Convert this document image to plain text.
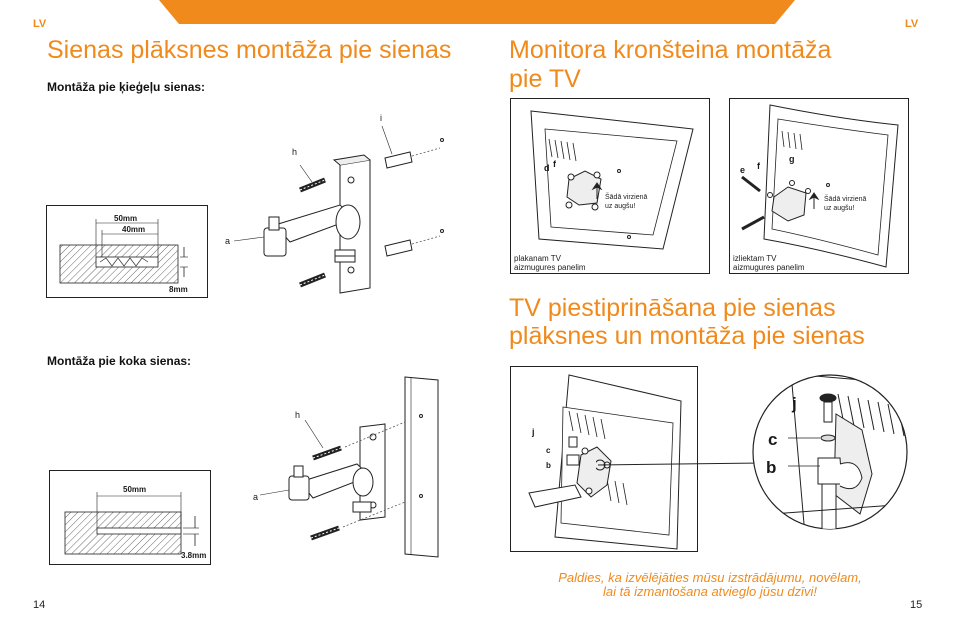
LV	LV
Sienas plāksnes montāža pie sienas
Montāža pie ķieģeļu sienas:
50mm
40mm
8mm
h
i
a
Montāža pie koka sienas:
50mm
3.8mm
h
a
14
Monitora kronšteina montāža
pie TV
d f
Šādā virzienā
uz augšu!
plakanam TV
aizmugures panelim
e f
g
Šādā virzienā
uz augšu!
izliektam TV
aizmugures panelim
TV piestiprināšana pie sienas
plāksnes un montāža pie sienas
j
c
b
j
c
b
Paldies, ka izvēlējāties mūsu izstrādājumu, novēlam,
lai tā izmantošana atvieglo jūsu dzīvi!
15
